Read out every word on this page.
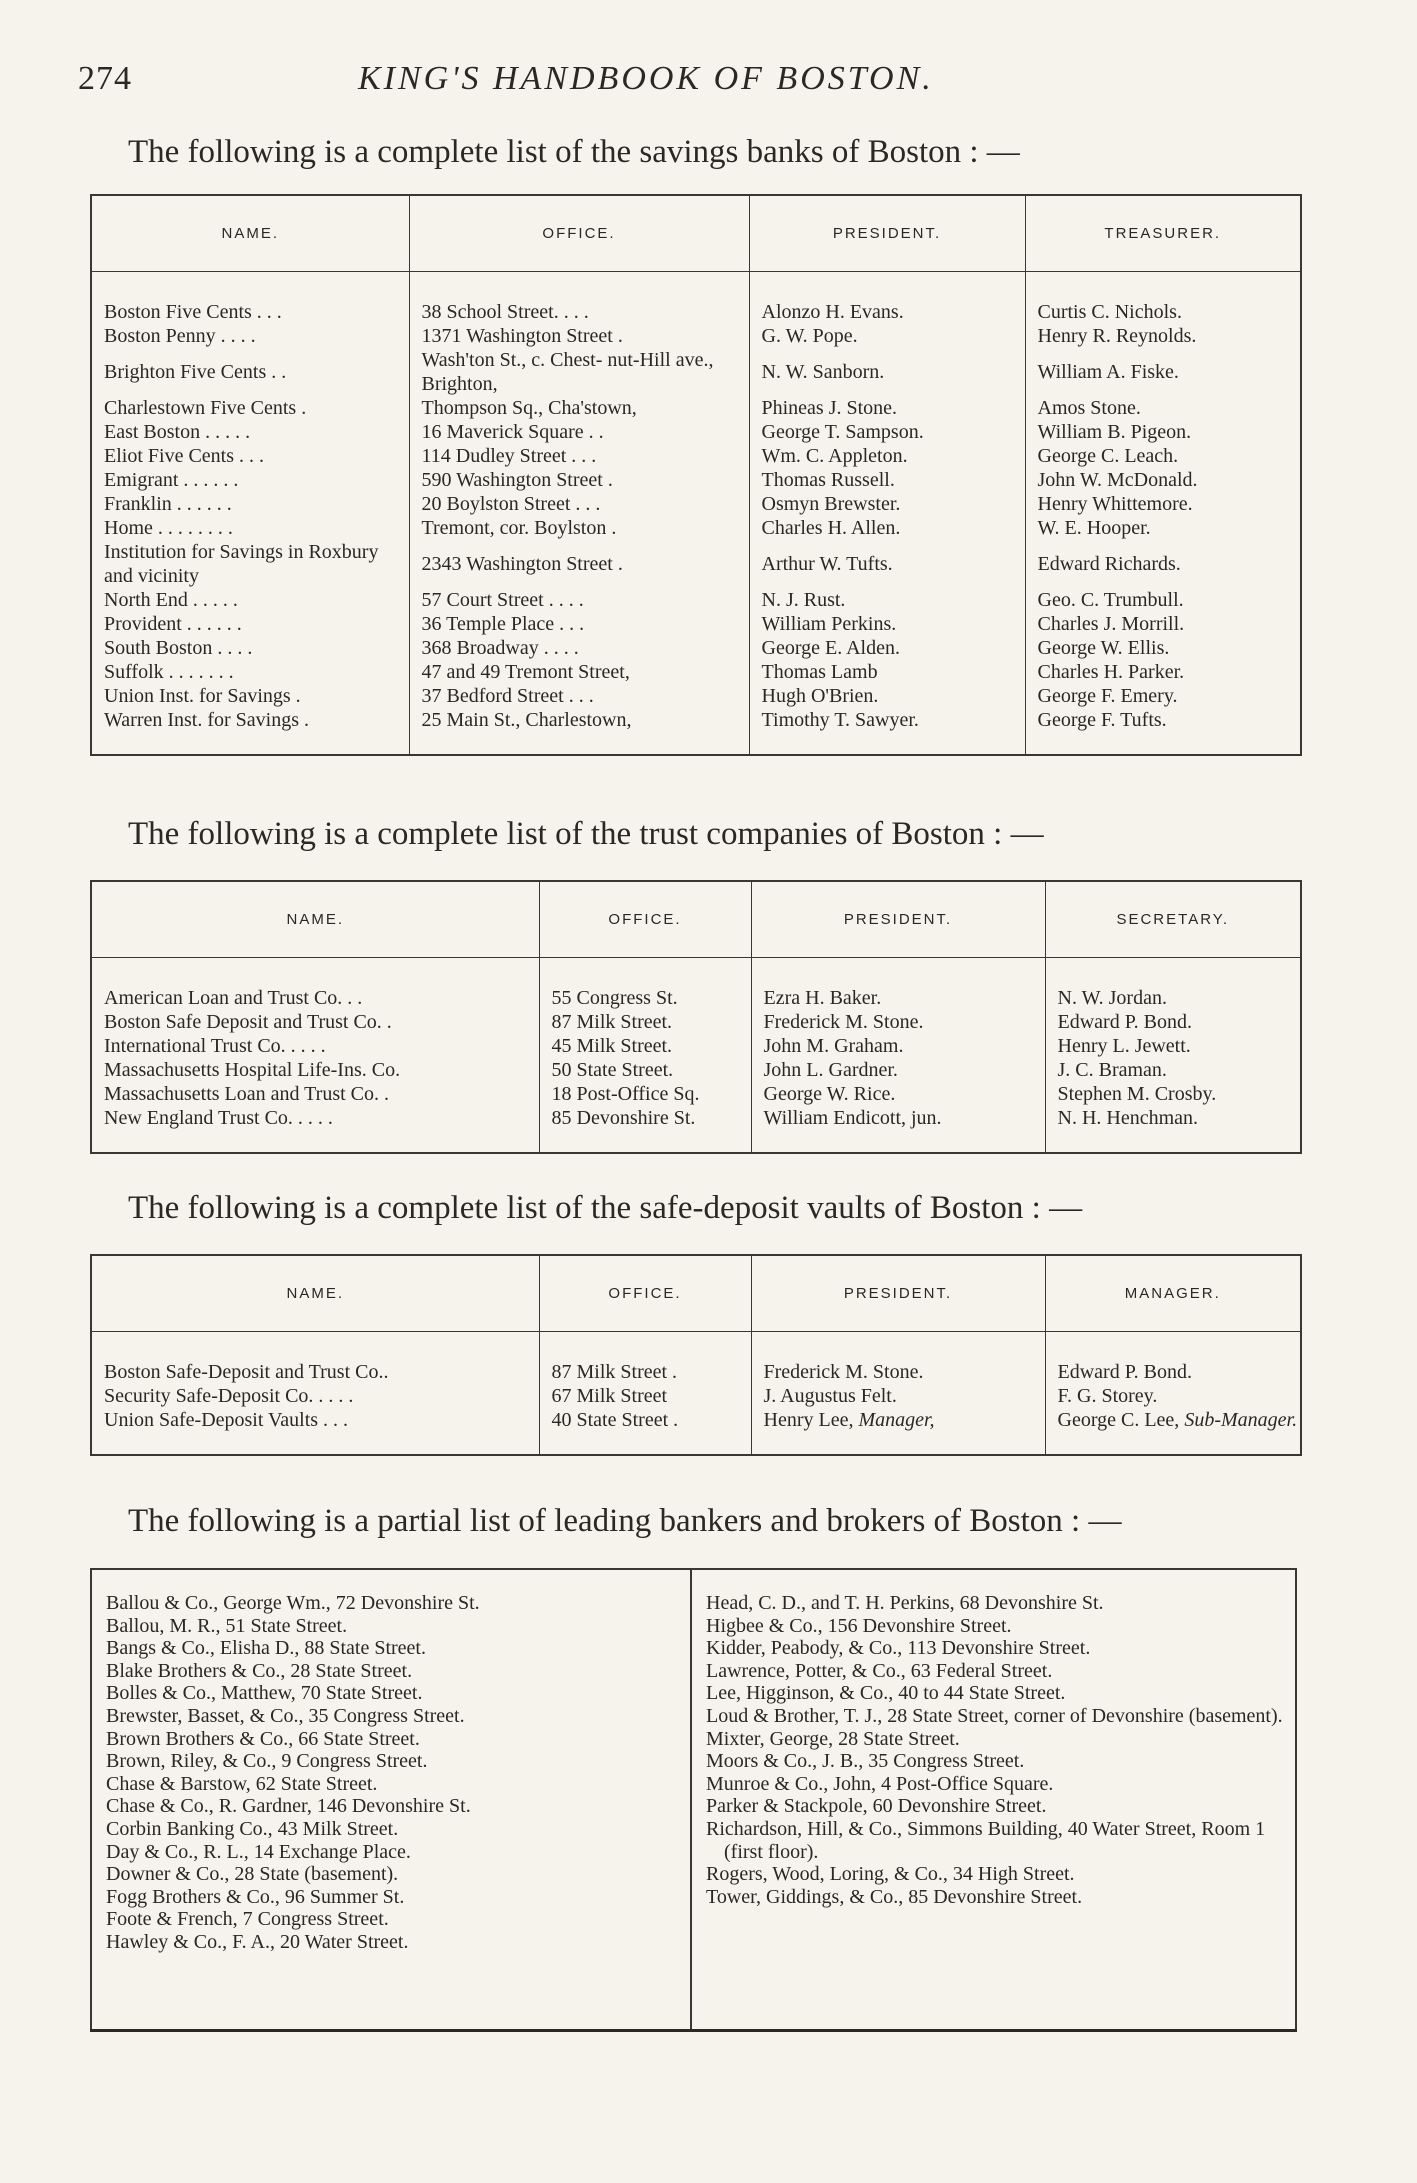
274	KING'S HANDBOOK OF BOSTON.
The following is a complete list of the savings banks of Boston : —
NAME.	OFFICE.	PRESIDENT.	TREASURER.
Boston Five Cents . . .	38 School Street. . . .	Alonzo H. Evans.	Curtis C. Nichols.
Boston Penny . . . .	1371 Washington Street .	G. W. Pope.	Henry R. Reynolds.
Brighton Five Cents . .	Wash'ton St., c. Chest- nut-Hill ave., Brighton,	N. W. Sanborn.	William A. Fiske.
Charlestown Five Cents .	Thompson Sq., Cha'stown,	Phineas J. Stone.	Amos Stone.
East Boston . . . . .	16 Maverick Square . .	George T. Sampson.	William B. Pigeon.
Eliot Five Cents . . .	114 Dudley Street . . .	Wm. C. Appleton.	George C. Leach.
Emigrant . . . . . .	590 Washington Street .	Thomas Russell.	John W. McDonald.
Franklin . . . . . .	20 Boylston Street . . .	Osmyn Brewster.	Henry Whittemore.
Home . . . . . . . .	Tremont, cor. Boylston .	Charles H. Allen.	W. E. Hooper.
Institution for Savings in Roxbury and vicinity	2343 Washington Street .	Arthur W. Tufts.	Edward Richards.
North End . . . . .	57 Court Street . . . .	N. J. Rust.	Geo. C. Trumbull.
Provident . . . . . .	36 Temple Place . . .	William Perkins.	Charles J. Morrill.
South Boston . . . .	368 Broadway . . . .	George E. Alden.	George W. Ellis.
Suffolk . . . . . . .	47 and 49 Tremont Street,	Thomas Lamb	Charles H. Parker.
Union Inst. for Savings .	37 Bedford Street . . .	Hugh O'Brien.	George F. Emery.
Warren Inst. for Savings .	25 Main St., Charlestown,	Timothy T. Sawyer.	George F. Tufts.
The following is a complete list of the trust companies of Boston : —
NAME.	OFFICE.	PRESIDENT.	SECRETARY.
American Loan and Trust Co. . .	55 Congress St.	Ezra H. Baker.	N. W. Jordan.
Boston Safe Deposit and Trust Co. .	87 Milk Street.	Frederick M. Stone.	Edward P. Bond.
International Trust Co. . . . .	45 Milk Street.	John M. Graham.	Henry L. Jewett.
Massachusetts Hospital Life-Ins. Co.	50 State Street.	John L. Gardner.	J. C. Braman.
Massachusetts Loan and Trust Co. .	18 Post-Office Sq.	George W. Rice.	Stephen M. Crosby.
New England Trust Co. . . . .	85 Devonshire St.	William Endicott, jun.	N. H. Henchman.
The following is a complete list of the safe-deposit vaults of Boston : —
NAME.	OFFICE.	PRESIDENT.	MANAGER.
Boston Safe-Deposit and Trust Co..	87 Milk Street .	Frederick M. Stone.	Edward P. Bond.
Security Safe-Deposit Co. . . . .	67 Milk Street	J. Augustus Felt.	F. G. Storey.
Union Safe-Deposit Vaults . . .	40 State Street .	Henry Lee, Manager,	George C. Lee, Sub-Manager.
The following is a partial list of leading bankers and brokers of Boston : —
Ballou & Co., George Wm., 72 Devonshire St.
Ballou, M. R., 51 State Street.
Bangs & Co., Elisha D., 88 State Street.
Blake Brothers & Co., 28 State Street.
Bolles & Co., Matthew, 70 State Street.
Brewster, Basset, & Co., 35 Congress Street.
Brown Brothers & Co., 66 State Street.
Brown, Riley, & Co., 9 Congress Street.
Chase & Barstow, 62 State Street.
Chase & Co., R. Gardner, 146 Devonshire St.
Corbin Banking Co., 43 Milk Street.
Day & Co., R. L., 14 Exchange Place.
Downer & Co., 28 State (basement).
Fogg Brothers & Co., 96 Summer St.
Foote & French, 7 Congress Street.
Hawley & Co., F. A., 20 Water Street.

Head, C. D., and T. H. Perkins, 68 Devonshire St.
Higbee & Co., 156 Devonshire Street.
Kidder, Peabody, & Co., 113 Devonshire Street.
Lawrence, Potter, & Co., 63 Federal Street.
Lee, Higginson, & Co., 40 to 44 State Street.
Loud & Brother, T. J., 28 State Street, corner of Devonshire (basement).
Mixter, George, 28 State Street.
Moors & Co., J. B., 35 Congress Street.
Munroe & Co., John, 4 Post-Office Square.
Parker & Stackpole, 60 Devonshire Street.
Richardson, Hill, & Co., Simmons Building, 40 Water Street, Room 1 (first floor).
Rogers, Wood, Loring, & Co., 34 High Street.
Tower, Giddings, & Co., 85 Devonshire Street.
